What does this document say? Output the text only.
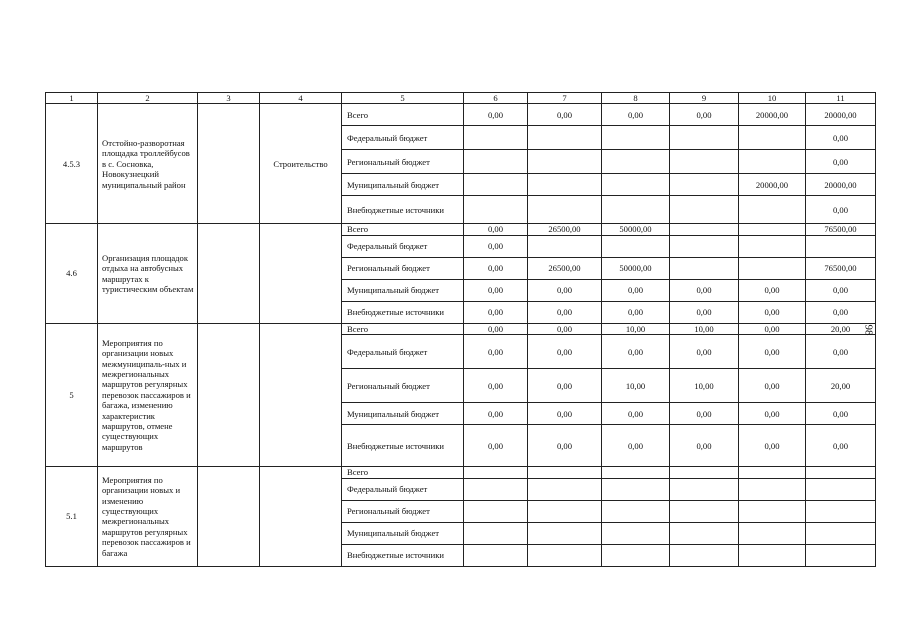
1	2	3	4	5	6	7	8	9	10	11
4.5.3	Отстойно-разворотная площадка троллейбусов в с. Сосновка, Новокузнецкий муниципальный район		Строительство	Всего	0,00	0,00	0,00	0,00	20000,00	20000,00
				Федеральный бюджет						0,00
				Региональный бюджет						0,00
				Муниципальный бюджет					20000,00	20000,00
				Внебюджетные источники						0,00
4.6	Организация площадок отдыха на автобусных маршрутах к туристическим объектам			Всего	0,00	26500,00	50000,00			76500,00
				Федеральный бюджет	0,00					
				Региональный бюджет	0,00	26500,00	50000,00			76500,00
				Муниципальный бюджет	0,00	0,00	0,00	0,00	0,00	0,00
				Внебюджетные источники	0,00	0,00	0,00	0,00	0,00	0,00
5	Мероприятия по организации новых межмуниципаль-ных и межрегиональных маршрутов регулярных перевозок пассажиров и багажа, изменению характеристик маршрутов, отмене существующих маршрутов			Всего	0,00	0,00	10,00	10,00	0,00	20,00
				Федеральный бюджет	0,00	0,00	0,00	0,00	0,00	0,00
				Региональный бюджет	0,00	0,00	10,00	10,00	0,00	20,00
				Муниципальный бюджет	0,00	0,00	0,00	0,00	0,00	0,00
				Внебюджетные источники	0,00	0,00	0,00	0,00	0,00	0,00
5.1	Мероприятия по организации новых и изменению существующих межрегиональных маршрутов регулярных перевозок пассажиров и багажа			Всего						
				Федеральный бюджет						
				Региональный бюджет						
				Муниципальный бюджет						
				Внебюджетные источники						
98
